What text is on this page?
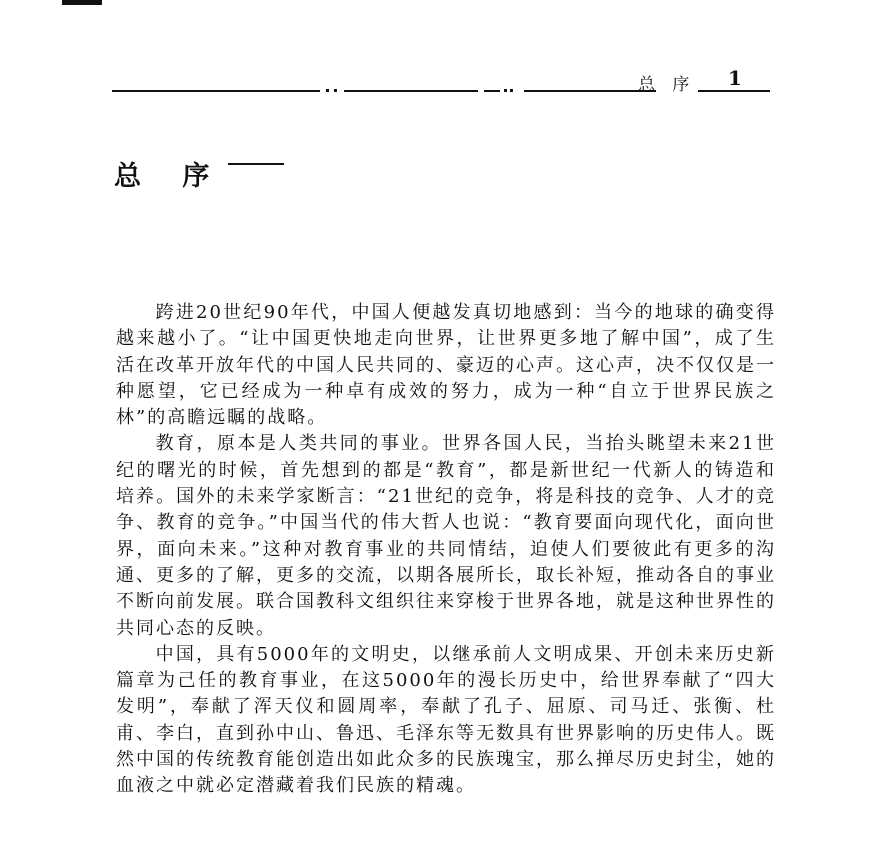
总 序 1
总 序

跨进20世纪90年代，中国人便越发真切地感到：当今的地球的确变得越来越小了。“让中国更快地走向世界，让世界更多地了解中国”，成了生活在改革开放年代的中国人民共同的、豪迈的心声。这心声，决不仅仅是一种愿望，它已经成为一种卓有成效的努力，成为一种“自立于世界民族之林”的高瞻远瞩的战略。

教育，原本是人类共同的事业。世界各国人民，当抬头眺望未来21世纪的曙光的时候，首先想到的都是“教育”，都是新世纪一代新人的铸造和培养。国外的未来学家断言：“21世纪的竞争，将是科技的竞争、人才的竞争、教育的竞争。”中国当代的伟大哲人也说：“教育要面向现代化，面向世界，面向未来。”这种对教育事业的共同情结，迫使人们要彼此有更多的沟通、更多的了解，更多的交流，以期各展所长，取长补短，推动各自的事业不断向前发展。联合国教科文组织往来穿梭于世界各地，就是这种世界性的共同心态的反映。

中国，具有5000年的文明史，以继承前人文明成果、开创未来历史新篇章为己任的教育事业，在这5000年的漫长历史中，给世界奉献了“四大发明”，奉献了浑天仪和圆周率，奉献了孔子、屈原、司马迁、张衡、杜甫、李白，直到孙中山、鲁迅、毛泽东等无数具有世界影响的历史伟人。既然中国的传统教育能创造出如此众多的民族瑰宝，那么掸尽历史封尘，她的血液之中就必定潜藏着我们民族的精魂。
